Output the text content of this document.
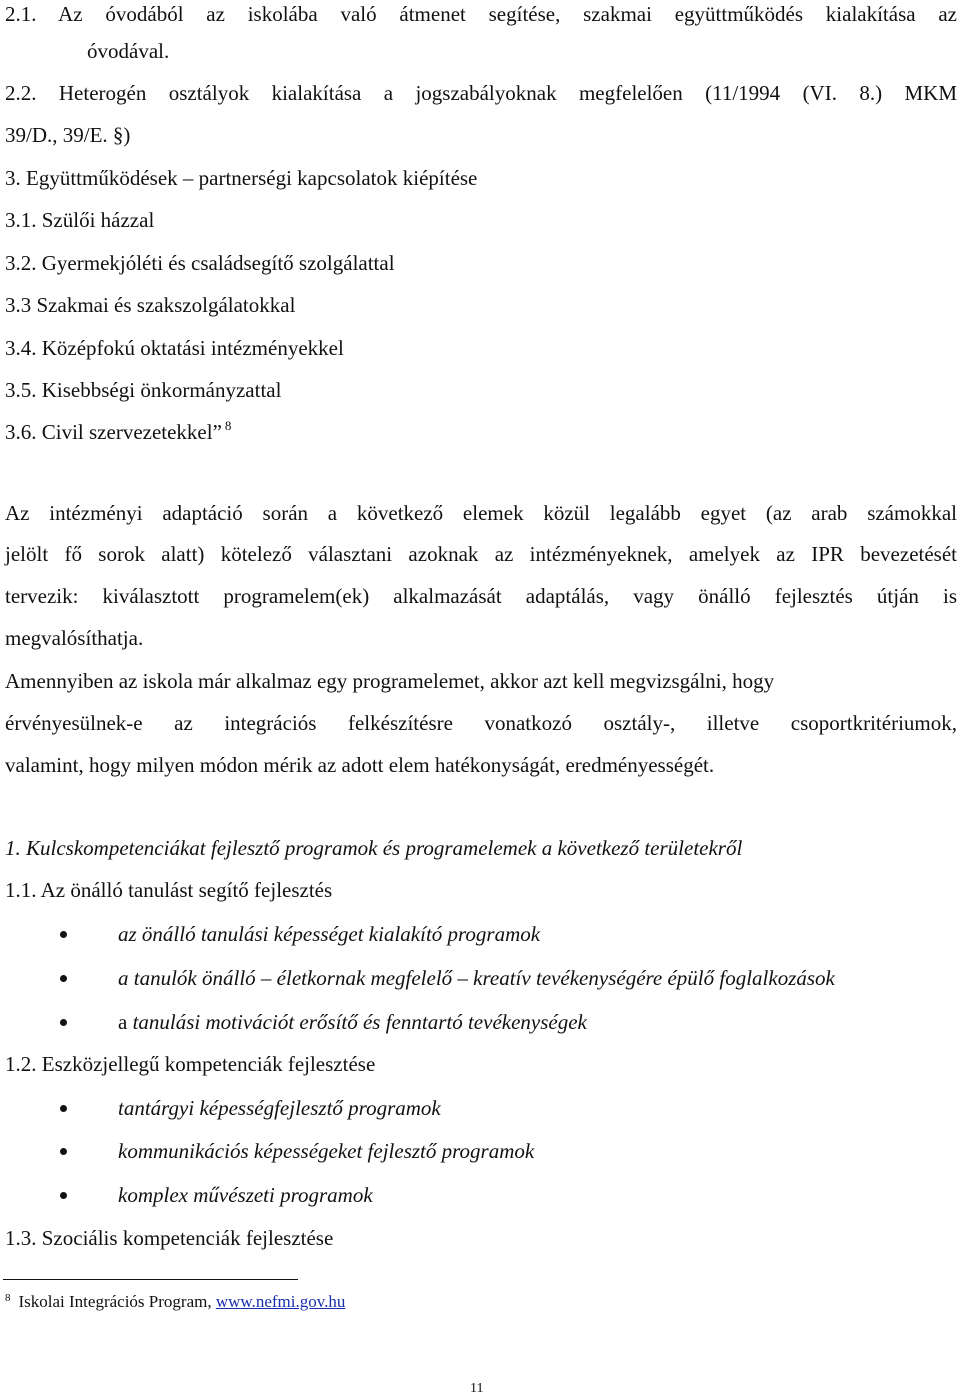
2.1. Az óvodából az iskolába való átmenet segítése, szakmai együttműködés kialakítása az
óvodával.
2.2. Heterogén osztályok kialakítása a jogszabályoknak megfelelően (11/1994 (VI. 8.) MKM
39/D., 39/E. §)
3. Együttműködések – partnerségi kapcsolatok kiépítése
3.1. Szülői házzal
3.2. Gyermekjóléti és családsegítő szolgálattal
3.3 Szakmai és szakszolgálatokkal
3.4. Középfokú oktatási intézményekkel
3.5. Kisebbségi önkormányzattal
3.6. Civil szervezetekkel” $^8$
Az intézményi adaptáció során a következő elemek közül legalább egyet (az arab számokkal
jelölt fő sorok alatt) kötelező választani azoknak az intézményeknek, amelyek az IPR bevezetését
tervezik: kiválasztott programelem(ek) alkalmazását adaptálás, vagy önálló fejlesztés útján is
megvalósíthatja.
Amennyiben az iskola már alkalmaz egy programelemet, akkor azt kell megvizsgálni, hogy
érvényesülnek-e az integrációs felkészítésre vonatkozó osztály-, illetve csoportkritériumok,
valamint, hogy milyen módon mérik az adott elem hatékonyságát, eredményességét.
1. Kulcskompetenciákat fejlesztő programok és programelemek a következő területekről
1.1. Az önálló tanulást segítő fejlesztés
az önálló tanulási képességet kialakító programok
a tanulók önálló – életkornak megfelelő – kreatív tevékenységére épülő foglalkozások
a tanulási motivációt erősítő és fenntartó tevékenységek
1.2. Eszközjellegű kompetenciák fejlesztése
tantárgyi képességfejlesztő programok
kommunikációs képességeket fejlesztő programok
komplex művészeti programok
1.3. Szociális kompetenciák fejlesztése
$^8$ Iskolai Integrációs Program, www.nefmi.gov.hu
11
